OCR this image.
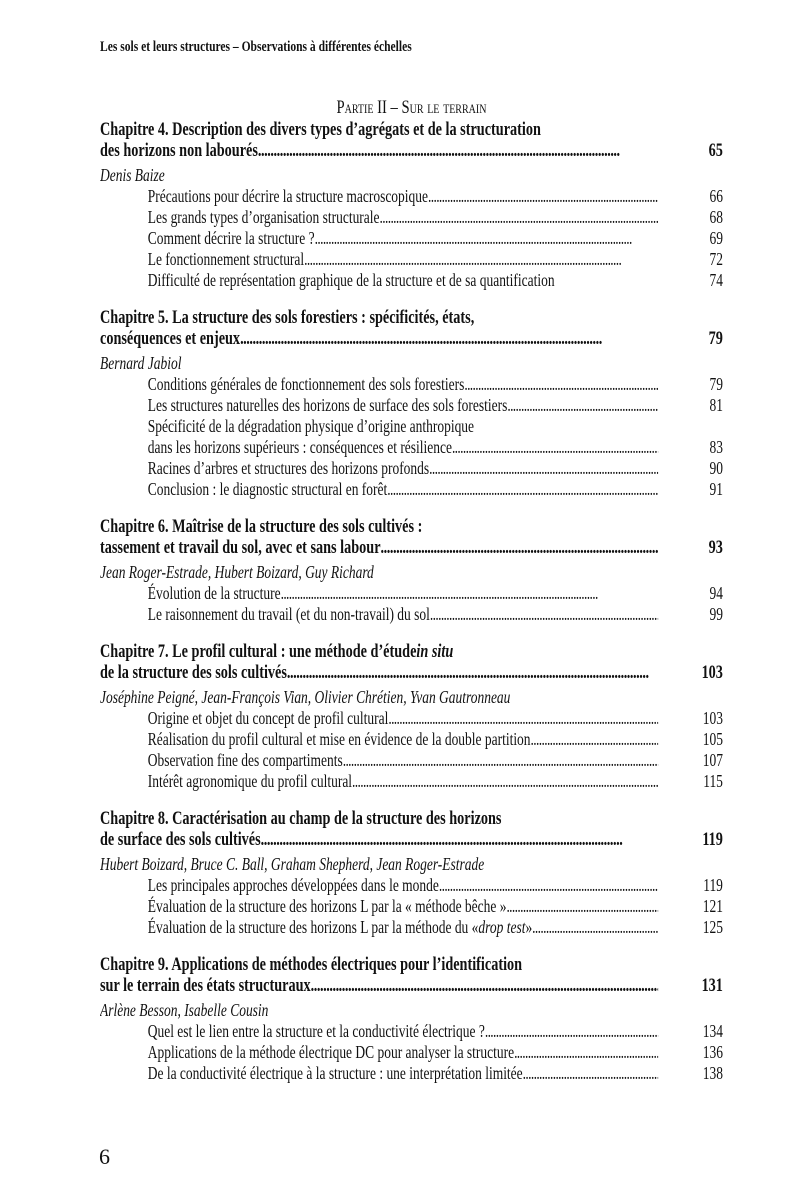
Les sols et leurs structures – Observations à différentes échelles
Partie II – Sur le terrain
Chapitre 4. Description des divers types d’agrégats et de la structuration
des horizons non labourés . . .	65
Denis Baize
Précautions pour décrire la structure macroscopique . . .	66
Les grands types d’organisation structurale . . .	68
Comment décrire la structure ? . . .	69
Le fonctionnement structural . . .	72
Difficulté de représentation graphique de la structure et de sa quantification	74
Chapitre 5. La structure des sols forestiers : spécificités, états,
conséquences et enjeux . . .	79
Bernard Jabiol
Conditions générales de fonctionnement des sols forestiers . . .	79
Les structures naturelles des horizons de surface des sols forestiers . . .	81
Spécificité de la dégradation physique d’origine anthropique
dans les horizons supérieurs : conséquences et résilience . . .	83
Racines d’arbres et structures des horizons profonds . . .	90
Conclusion : le diagnostic structural en forêt . . .	91
Chapitre 6. Maîtrise de la structure des sols cultivés :
tassement et travail du sol, avec et sans labour . . .	93
Jean Roger-Estrade, Hubert Boizard, Guy Richard
Évolution de la structure . . .	94
Le raisonnement du travail (et du non-travail) du sol . . .	99
Chapitre 7. Le profil cultural : une méthode d’étude in situ
de la structure des sols cultivés . . .	103
Joséphine Peigné, Jean-François Vian, Olivier Chrétien, Yvan Gautronneau
Origine et objet du concept de profil cultural . . .	103
Réalisation du profil cultural et mise en évidence de la double partition . . .	105
Observation fine des compartiments . . .	107
Intérêt agronomique du profil cultural . . .	115
Chapitre 8. Caractérisation au champ de la structure des horizons
de surface des sols cultivés . . .	119
Hubert Boizard, Bruce C. Ball, Graham Shepherd, Jean Roger-Estrade
Les principales approches développées dans le monde . . .	119
Évaluation de la structure des horizons L par la « méthode bêche » . . .	121
Évaluation de la structure des horizons L par la méthode du « drop test » . . .	125
Chapitre 9. Applications de méthodes électriques pour l’identification
sur le terrain des états structuraux . . .	131
Arlène Besson, Isabelle Cousin
Quel est le lien entre la structure et la conductivité électrique ? . . .	134
Applications de la méthode électrique DC pour analyser la structure . . .	136
De la conductivité électrique à la structure : une interprétation limitée . . .	138
6
